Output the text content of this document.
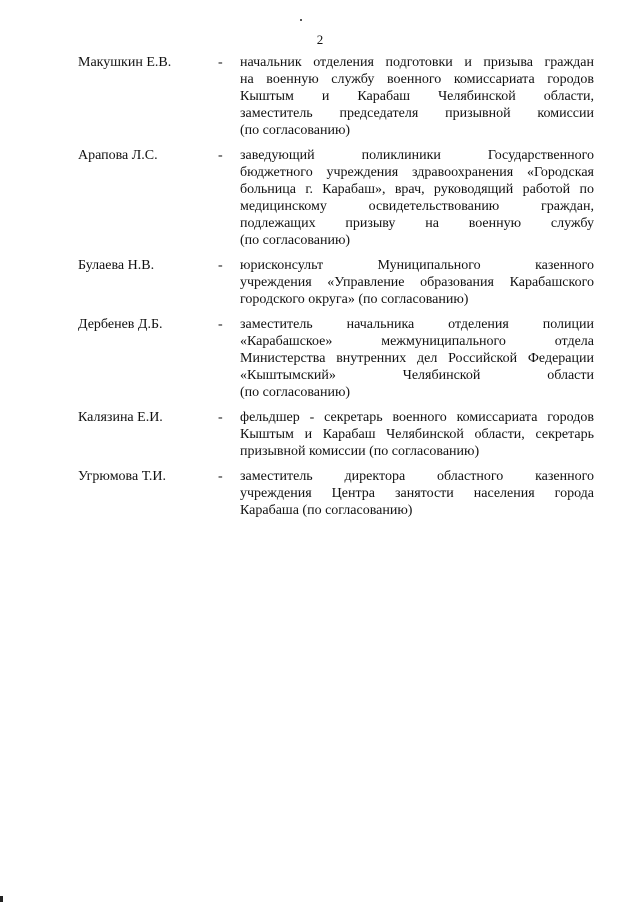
2
Макушкин Е.В.	-	начальник отделения подготовки и призыва граждан
на военную службу военного комиссариата городов
Кыштым и Карабаш Челябинской области,
заместитель председателя призывной комиссии
(по согласованию)
Арапова Л.С.	-	заведующий поликлиники Государственного
бюджетного учреждения здравоохранения «Городская
больница г. Карабаш», врач, руководящий работой по
медицинскому освидетельствованию граждан,
подлежащих призыву на военную службу
(по согласованию)
Булаева Н.В.	-	юрисконсульт Муниципального казенного
учреждения «Управление образования Карабашского
городского округа» (по согласованию)
Дербенев Д.Б.	-	заместитель начальника отделения полиции
«Карабашское» межмуниципального отдела
Министерства внутренних дел Российской Федерации
«Кыштымский» Челябинской области
(по согласованию)
Калязина Е.И.	-	фельдшер - секретарь военного комиссариата городов
Кыштым и Карабаш Челябинской области, секретарь
призывной комиссии (по согласованию)
Угрюмова Т.И.	-	заместитель директора областного казенного
учреждения Центра занятости населения города
Карабаша (по согласованию)
